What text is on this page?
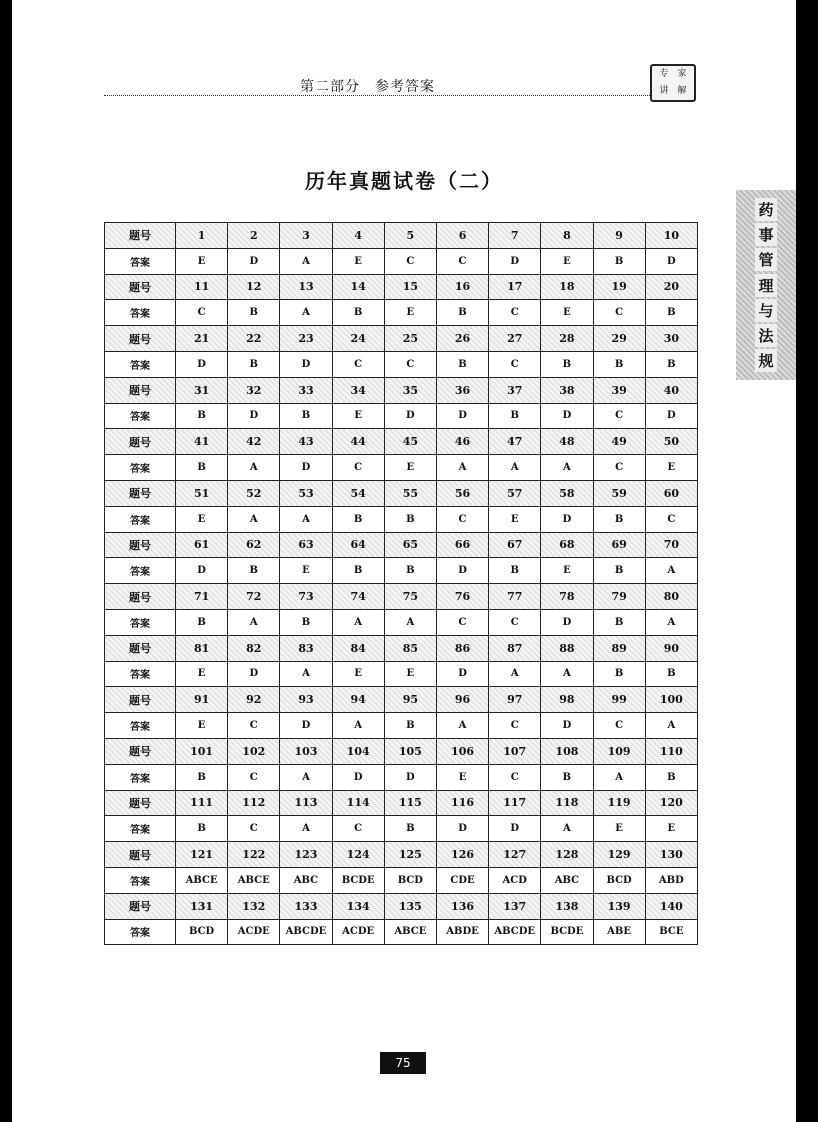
第二部分　参考答案
专 家
讲 解
历年真题试卷（二）
药
事
管
理
与
法
规
题号	1	2	3	4	5	6	7	8	9	10
答案	E	D	A	E	C	C	D	E	B	D
题号	11	12	13	14	15	16	17	18	19	20
答案	C	B	A	B	E	B	C	E	C	B
题号	21	22	23	24	25	26	27	28	29	30
答案	D	B	D	C	C	B	C	B	B	B
题号	31	32	33	34	35	36	37	38	39	40
答案	B	D	B	E	D	D	B	D	C	D
题号	41	42	43	44	45	46	47	48	49	50
答案	B	A	D	C	E	A	A	A	C	E
题号	51	52	53	54	55	56	57	58	59	60
答案	E	A	A	B	B	C	E	D	B	C
题号	61	62	63	64	65	66	67	68	69	70
答案	D	B	E	B	B	D	B	E	B	A
题号	71	72	73	74	75	76	77	78	79	80
答案	B	A	B	A	A	C	C	D	B	A
题号	81	82	83	84	85	86	87	88	89	90
答案	E	D	A	E	E	D	A	A	B	B
题号	91	92	93	94	95	96	97	98	99	100
答案	E	C	D	A	B	A	C	D	C	A
题号	101	102	103	104	105	106	107	108	109	110
答案	B	C	A	D	D	E	C	B	A	B
题号	111	112	113	114	115	116	117	118	119	120
答案	B	C	A	C	B	D	D	A	E	E
题号	121	122	123	124	125	126	127	128	129	130
答案	ABCE	ABCE	ABC	BCDE	BCD	CDE	ACD	ABC	BCD	ABD
题号	131	132	133	134	135	136	137	138	139	140
答案	BCD	ACDE	ABCDE	ACDE	ABCE	ABDE	ABCDE	BCDE	ABE	BCE
75
